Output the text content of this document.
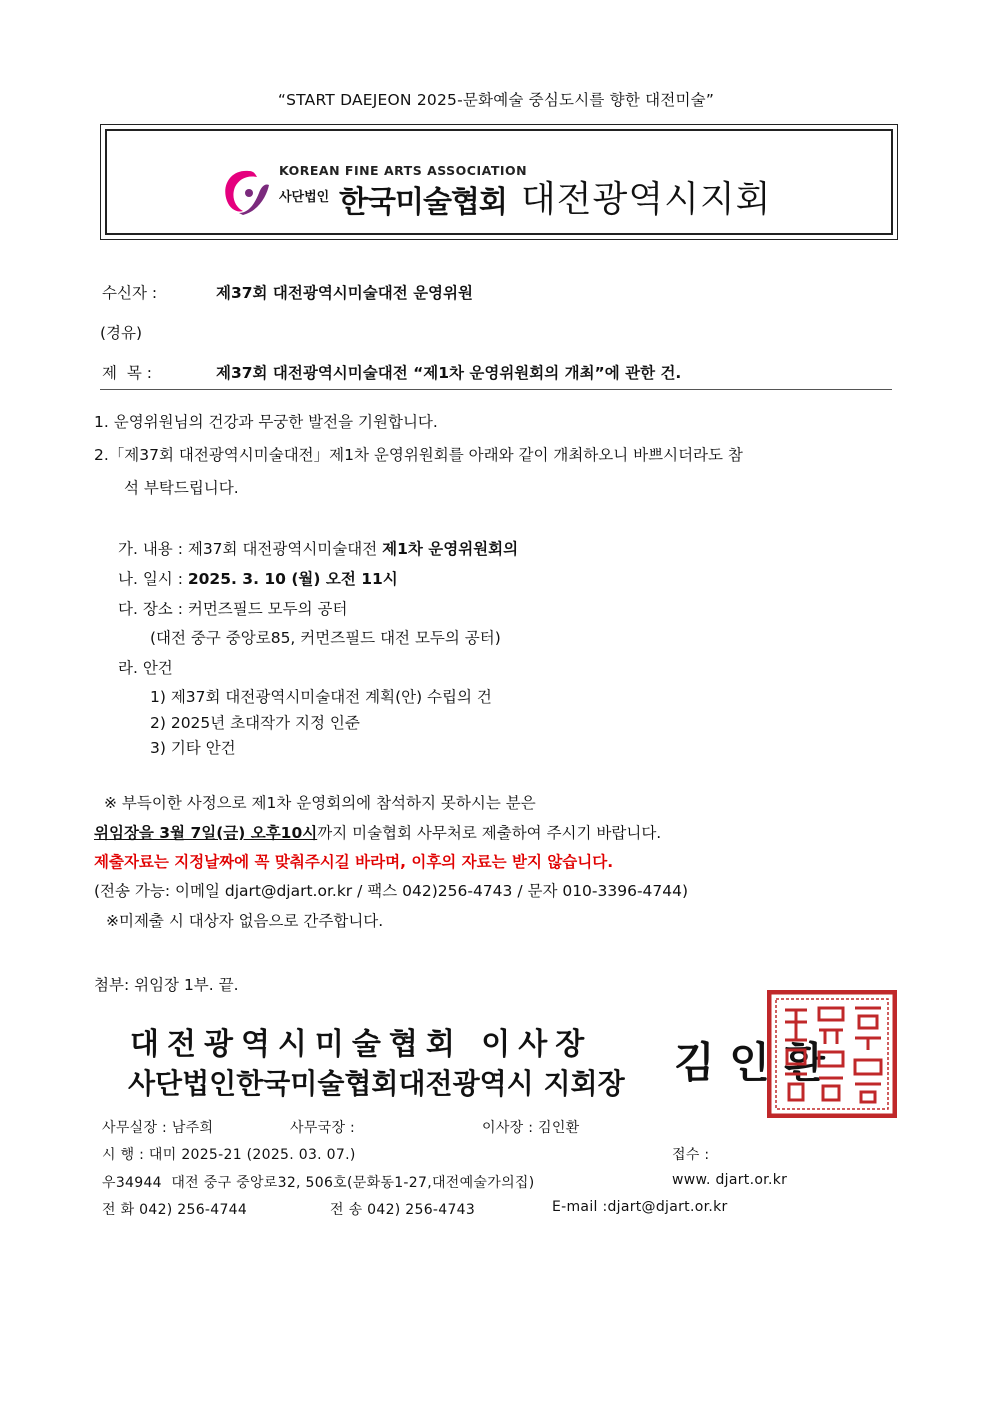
“START DAEJEON 2025-문화예술 중심도시를 향한 대전미술”
KOREAN FINE ARTS ASSOCIATION
사단법인 한국미술협회 대전광역시지회
수신자 :	제37회 대전광역시미술대전 운영위원
(경유)
제  목 :	제37회 대전광역시미술대전 “제1차 운영위원회의 개최”에 관한 건.
1. 운영위원님의 건강과 무궁한 발전을 기원합니다.
2.「제37회 대전광역시미술대전」제1차 운영위원회를 아래와 같이 개최하오니 바쁘시더라도 참
석 부탁드립니다.
가. 내용 : 제37회 대전광역시미술대전 제1차 운영위원회의
나. 일시 : 2025. 3. 10 (월) 오전 11시
다. 장소 : 커먼즈필드 모두의 공터
(대전 중구 중앙로85, 커먼즈필드 대전 모두의 공터)
라. 안건
1) 제37회 대전광역시미술대전 계획(안) 수립의 건
2) 2025년 초대작가 지정 인준
3) 기타 안건
※ 부득이한 사정으로 제1차 운영회의에 참석하지 못하시는 분은
위임장을 3월 7일(금) 오후10시까지 미술협회 사무처로 제출하여 주시기 바랍니다.
제출자료는 지정날짜에 꼭 맞춰주시길 바라며, 이후의 자료는 받지 않습니다.
(전송 가능: 이메일 djart@djart.or.kr / 팩스 042)256-4743 / 문자 010-3396-4744)
※미제출 시 대상자 없음으로 간주합니다.
첨부: 위임장 1부. 끝.
대전광역시미술협회 이사장
사단법인한국미술협회대전광역시 지회장 김 인 환
사무실장 : 남주희	사무국장 :	이사장 : 김인환
시 행 : 대미 2025-21 (2025. 03. 07.)	접수 :
우34944  대전 중구 중앙로32, 506호(문화동1-27,대전예술가의집)	www. djart.or.kr
전 화 042) 256-4744	전 송 042) 256-4743	E-mail :djart@djart.or.kr
